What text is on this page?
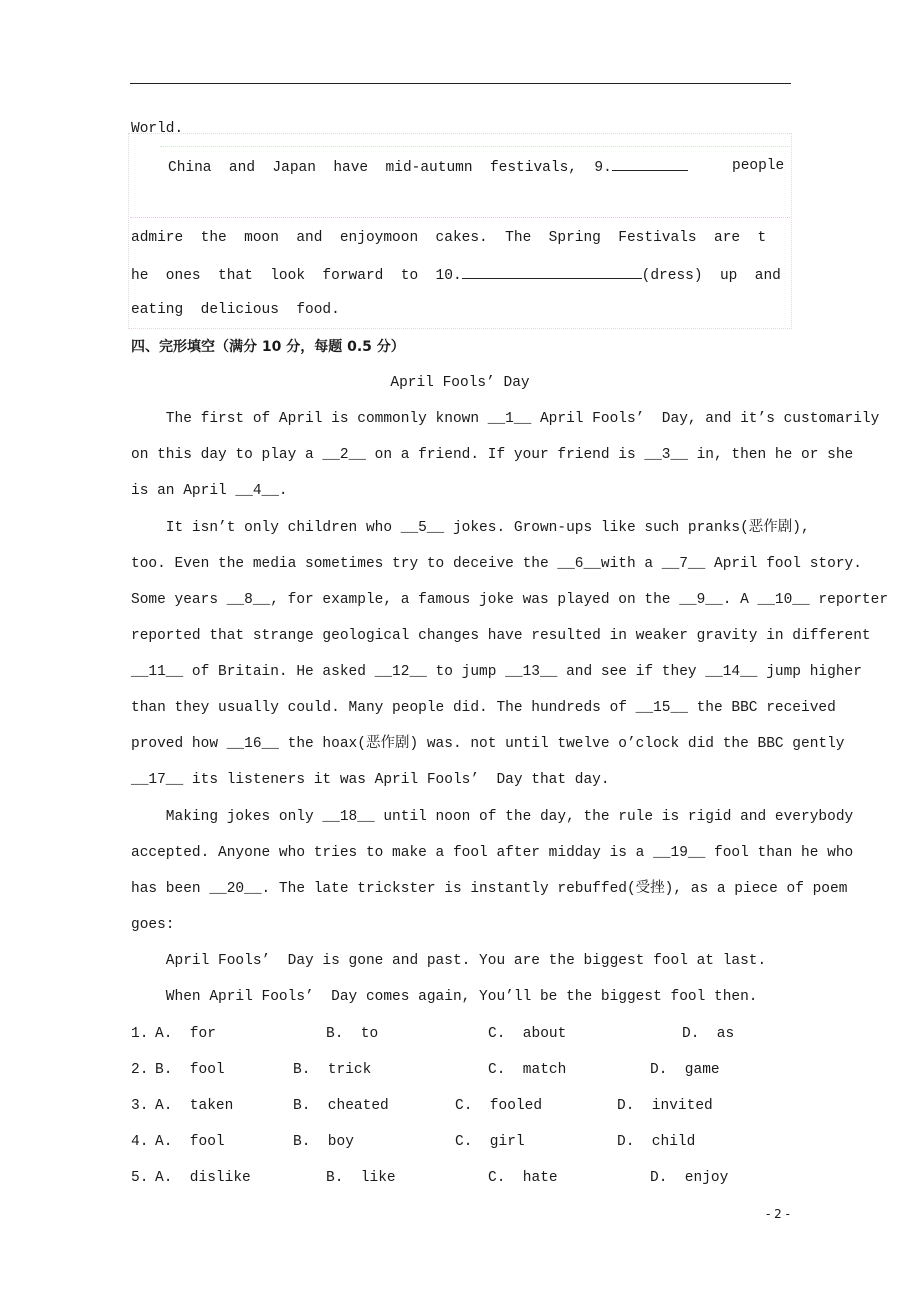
World.
China  and  Japan  have  mid-autumn  festivals,  9.	people
admire  the  moon  and  enjoymoon  cakes.  The  Spring  Festivals  are  t
he  ones  that  look  forward  to  10.	(dress)  up  and
eating  delicious  food.
四、完形填空（满分 10 分，每题 0.5 分）
April Fools’ Day
The first of April is commonly known __1__ April Fools’  Day, and it’s customarily
on this day to play a __2__ on a friend. If your friend is __3__ in, then he or she
is an April __4__.
It isn’t only children who __5__ jokes. Grown-ups like such pranks(恶作剧),
too. Even the media sometimes try to deceive the __6__with a __7__ April fool story.
Some years __8__, for example, a famous joke was played on the __9__. A __10__ reporter
reported that strange geological changes have resulted in weaker gravity in different
__11__ of Britain. He asked __12__ to jump __13__ and see if they __14__ jump higher
than they usually could. Many people did. The hundreds of __15__ the BBC received
proved how __16__ the hoax(恶作剧) was. not until twelve o’clock did the BBC gently
__17__ its listeners it was April Fools’  Day that day.
Making jokes only __18__ until noon of the day, the rule is rigid and everybody
accepted. Anyone who tries to make a fool after midday is a __19__ fool than he who
has been __20__. The late trickster is instantly rebuffed(受挫), as a piece of poem
goes:
April Fools’  Day is gone and past. You are the biggest fool at last.
When April Fools’  Day comes again, You’ll be the biggest fool then.
1. A.  for	B.  to	C.  about	D.  as
2. B.  fool	B.  trick	C.  match	D.  game
3. A.  taken	B.  cheated	C.  fooled	D.  invited
4. A.  fool	B.  boy	C.  girl	D.  child
5. A.  dislike	B.  like	C.  hate	D.  enjoy
- 2 -
